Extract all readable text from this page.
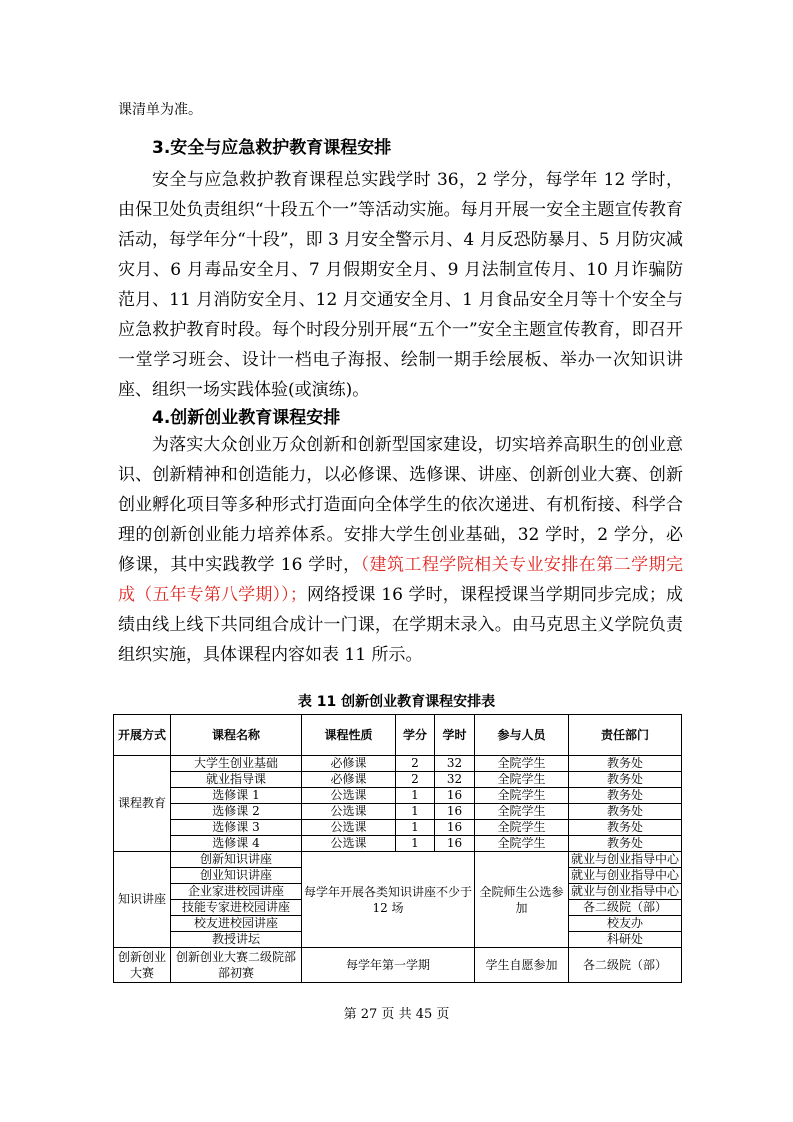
课清单为准。
3.安全与应急救护教育课程安排

安全与应急救护教育课程总实践学时 36，2 学分，每学年 12 学时，由保卫处负责组织“十段五个一”等活动实施。每月开展一安全主题宣传教育活动，每学年分“十段”，即 3 月安全警示月、4 月反恐防暴月、5 月防灾减灾月、6 月毒品安全月、7 月假期安全月、9 月法制宣传月、10 月诈骗防范月、11 月消防安全月、12 月交通安全月、1 月食品安全月等十个安全与应急救护教育时段。每个时段分别开展“五个一”安全主题宣传教育，即召开一堂学习班会、设计一档电子海报、绘制一期手绘展板、举办一次知识讲座、组织一场实践体验(或演练)。

4.创新创业教育课程安排

为落实大众创业万众创新和创新型国家建设，切实培养高职生的创业意识、创新精神和创造能力，以必修课、选修课、讲座、创新创业大赛、创新创业孵化项目等多种形式打造面向全体学生的依次递进、有机衔接、科学合理的创新创业能力培养体系。安排大学生创业基础，32 学时，2 学分，必修课，其中实践教学 16 学时，（建筑工程学院相关专业安排在第二学期完成（五年专第八学期））；网络授课 16 学时，课程授课当学期同步完成；成绩由线上线下共同组合成计一门课，在学期末录入。由马克思主义学院负责组织实施，具体课程内容如表 11 所示。

表 11 创新创业教育课程安排表
开展方式	课程名称	课程性质	学分	学时	参与人员	责任部门
课程教育	大学生创业基础	必修课	2	32	全院学生	教务处
	就业指导课	必修课	2	32	全院学生	教务处
	选修课 1	公选课	1	16	全院学生	教务处
	选修课 2	公选课	1	16	全院学生	教务处
	选修课 3	公选课	1	16	全院学生	教务处
	选修课 4	公选课	1	16	全院学生	教务处
知识讲座	创新知识讲座	每学年开展各类知识讲座不少于 12 场			全院师生公选参加	就业与创业指导中心
	创业知识讲座					就业与创业指导中心
	企业家进校园讲座					就业与创业指导中心
	技能专家进校园讲座					各二级院（部）
	校友进校园讲座					校友办
	教授讲坛					科研处
创新创业大赛	创新创业大赛二级院部部初赛	每学年第一学期			学生自愿参加	各二级院（部）
第 27 页 共 45 页
